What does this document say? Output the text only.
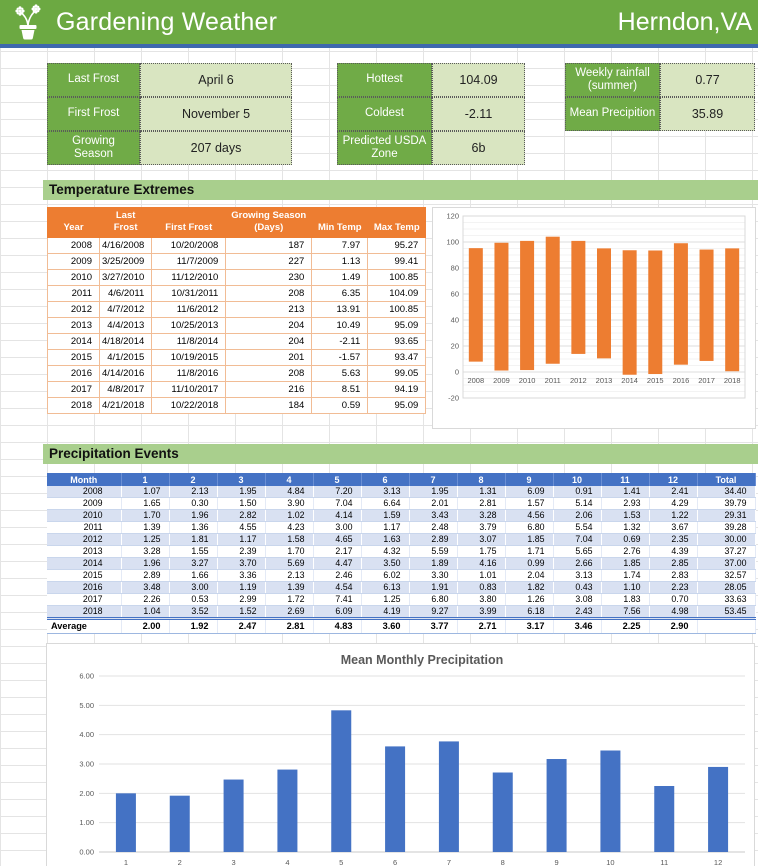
Gardening Weather	Herndon,VA
Last Frost	April 6
First Frost	November 5
Growing Season	207 days
Hottest	104.09
Coldest	-2.11
Predicted USDA Zone	6b
Weekly rainfall (summer)	0.77
Mean Precipition	35.89
Temperature Extremes
Year	Last Frost	First Frost	Growing Season (Days)	Min Temp	Max Temp
2008	4/16/2008	10/20/2008	187	7.97	95.27
2009	3/25/2009	11/7/2009	227	1.13	99.41
2010	3/27/2010	11/12/2010	230	1.49	100.85
2011	4/6/2011	10/31/2011	208	6.35	104.09
2012	4/7/2012	11/6/2012	213	13.91	100.85
2013	4/4/2013	10/25/2013	204	10.49	95.09
2014	4/18/2014	11/8/2014	204	-2.11	93.65
2015	4/1/2015	10/19/2015	201	-1.57	93.47
2016	4/14/2016	11/8/2016	208	5.63	99.05
2017	4/8/2017	11/10/2017	216	8.51	94.19
2018	4/21/2018	10/22/2018	184	0.59	95.09
-20
0
20
40
60
80
100
120
2008 2009 2010 2011 2012 2013 2014 2015 2016 2017 2018
Precipitation Events
Month	1	2	3	4	5	6	7	8	9	10	11	12	Total
2008	1.07	2.13	1.95	4.84	7.20	3.13	1.95	1.31	6.09	0.91	1.41	2.41	34.40
2009	1.65	0.30	1.50	3.90	7.04	6.64	2.01	2.81	1.57	5.14	2.93	4.29	39.79
2010	1.70	1.96	2.82	1.02	4.14	1.59	3.43	3.28	4.56	2.06	1.53	1.22	29.31
2011	1.39	1.36	4.55	4.23	3.00	1.17	2.48	3.79	6.80	5.54	1.32	3.67	39.28
2012	1.25	1.81	1.17	1.58	4.65	1.63	2.89	3.07	1.85	7.04	0.69	2.35	30.00
2013	3.28	1.55	2.39	1.70	2.17	4.32	5.59	1.75	1.71	5.65	2.76	4.39	37.27
2014	1.96	3.27	3.70	5.69	4.47	3.50	1.89	4.16	0.99	2.66	1.85	2.85	37.00
2015	2.89	1.66	3.36	2.13	2.46	6.02	3.30	1.01	2.04	3.13	1.74	2.83	32.57
2016	3.48	3.00	1.19	1.39	4.54	6.13	1.91	0.83	1.82	0.43	1.10	2.23	28.05
2017	2.26	0.53	2.99	1.72	7.41	1.25	6.80	3.80	1.26	3.08	1.83	0.70	33.63
2018	1.04	3.52	1.52	2.69	6.09	4.19	9.27	3.99	6.18	2.43	7.56	4.98	53.45
Average	2.00	1.92	2.47	2.81	4.83	3.60	3.77	2.71	3.17	3.46	2.25	2.90	
Mean Monthly Precipitation
0.00
1.00
2.00
3.00
4.00
5.00
6.00
1	2	3	4	5	6	7	8	9	10	11	12
